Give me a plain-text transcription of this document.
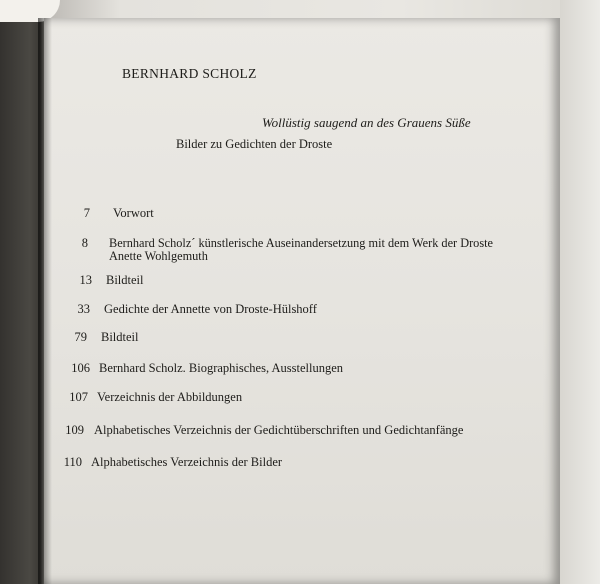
BERNHARD SCHOLZ
Wollüstig saugend an des Grauens Süße
Bilder zu Gedichten der Droste
7 Vorwort
8 Bernhard Scholz´ künstlerische Auseinandersetzung mit dem Werk der Droste
Anette Wohlgemuth
13 Bildteil
33 Gedichte der Annette von Droste-Hülshoff
79 Bildteil
106 Bernhard Scholz. Biographisches, Ausstellungen
107 Verzeichnis der Abbildungen
109 Alphabetisches Verzeichnis der Gedichtüberschriften und Gedichtanfänge
110 Alphabetisches Verzeichnis der Bilder
